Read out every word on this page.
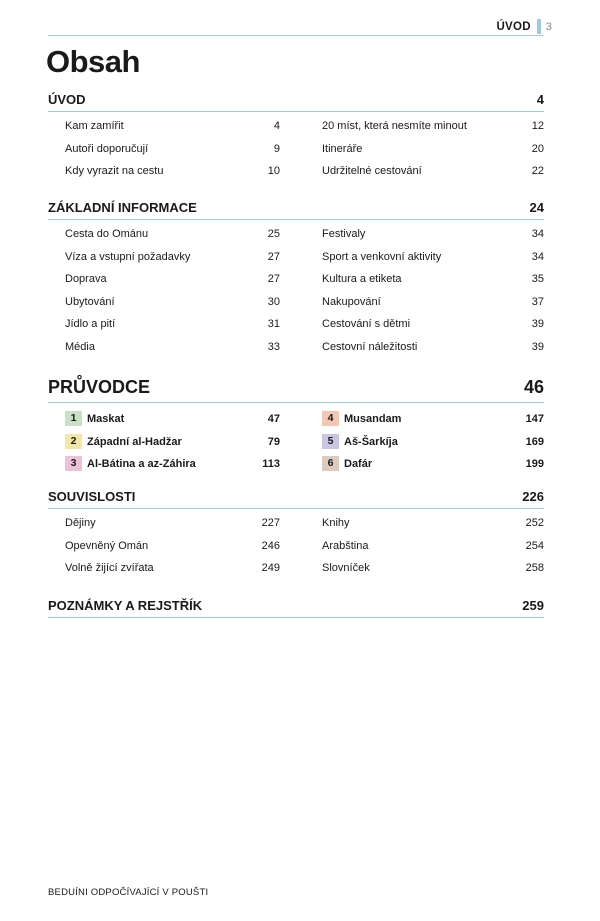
ÚVOD 3
Obsah
ÚVOD	4
Kam zamířit	4
Autoři doporučují	9
Kdy vyrazit na cestu	10
20 míst, která nesmíte minout	12
Itineráře	20
Udržitelné cestování	22
ZÁKLADNÍ INFORMACE	24
Cesta do Ománu	25
Víza a vstupní požadavky	27
Doprava	27
Ubytování	30
Jídlo a pití	31
Média	33
Festivaly	34
Sport a venkovní aktivity	34
Kultura a etiketa	35
Nakupování	37
Cestování s dětmi	39
Cestovní náležitosti	39
PRŮVODCE	46
1 Maskat	47
2 Západní al-Hadžar	79
3 Al-Bátina a az-Záhira	113
4 Musandam	147
5 Aš-Šarkíja	169
6 Dafár	199
SOUVISLOSTI	226
Dějiny	227
Opevněný Omán	246
Volně žijící zvířata	249
Knihy	252
Arabština	254
Slovníček	258
POZNÁMKY A REJSTŘÍK	259
BEDUÍNI ODPOČÍVAJÍCÍ V POUŠTI
